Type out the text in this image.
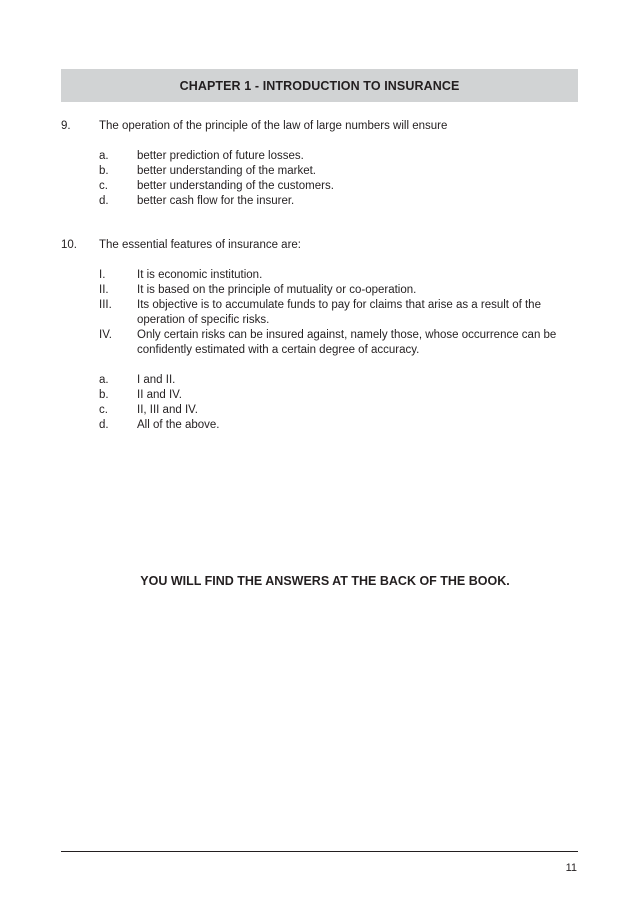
CHAPTER 1 - INTRODUCTION TO INSURANCE
9.	The operation of the principle of the law of large numbers will ensure
a.	better prediction of future losses.
b.	better understanding of the market.
c.	better understanding of the customers.
d.	better cash flow for the insurer.
10.	The essential features of insurance are:
I.	It is economic institution.
II.	It is based on the principle of mutuality or co-operation.
III.	Its objective is to accumulate funds to pay for claims that arise as a result of the operation of specific risks.
IV.	Only certain risks can be insured against, namely those, whose occurrence can be confidently estimated with a certain degree of accuracy.
a.	I and II.
b.	II and IV.
c.	II, III and IV.
d.	All of the above.
YOU WILL FIND THE ANSWERS AT THE BACK OF THE BOOK.
11
